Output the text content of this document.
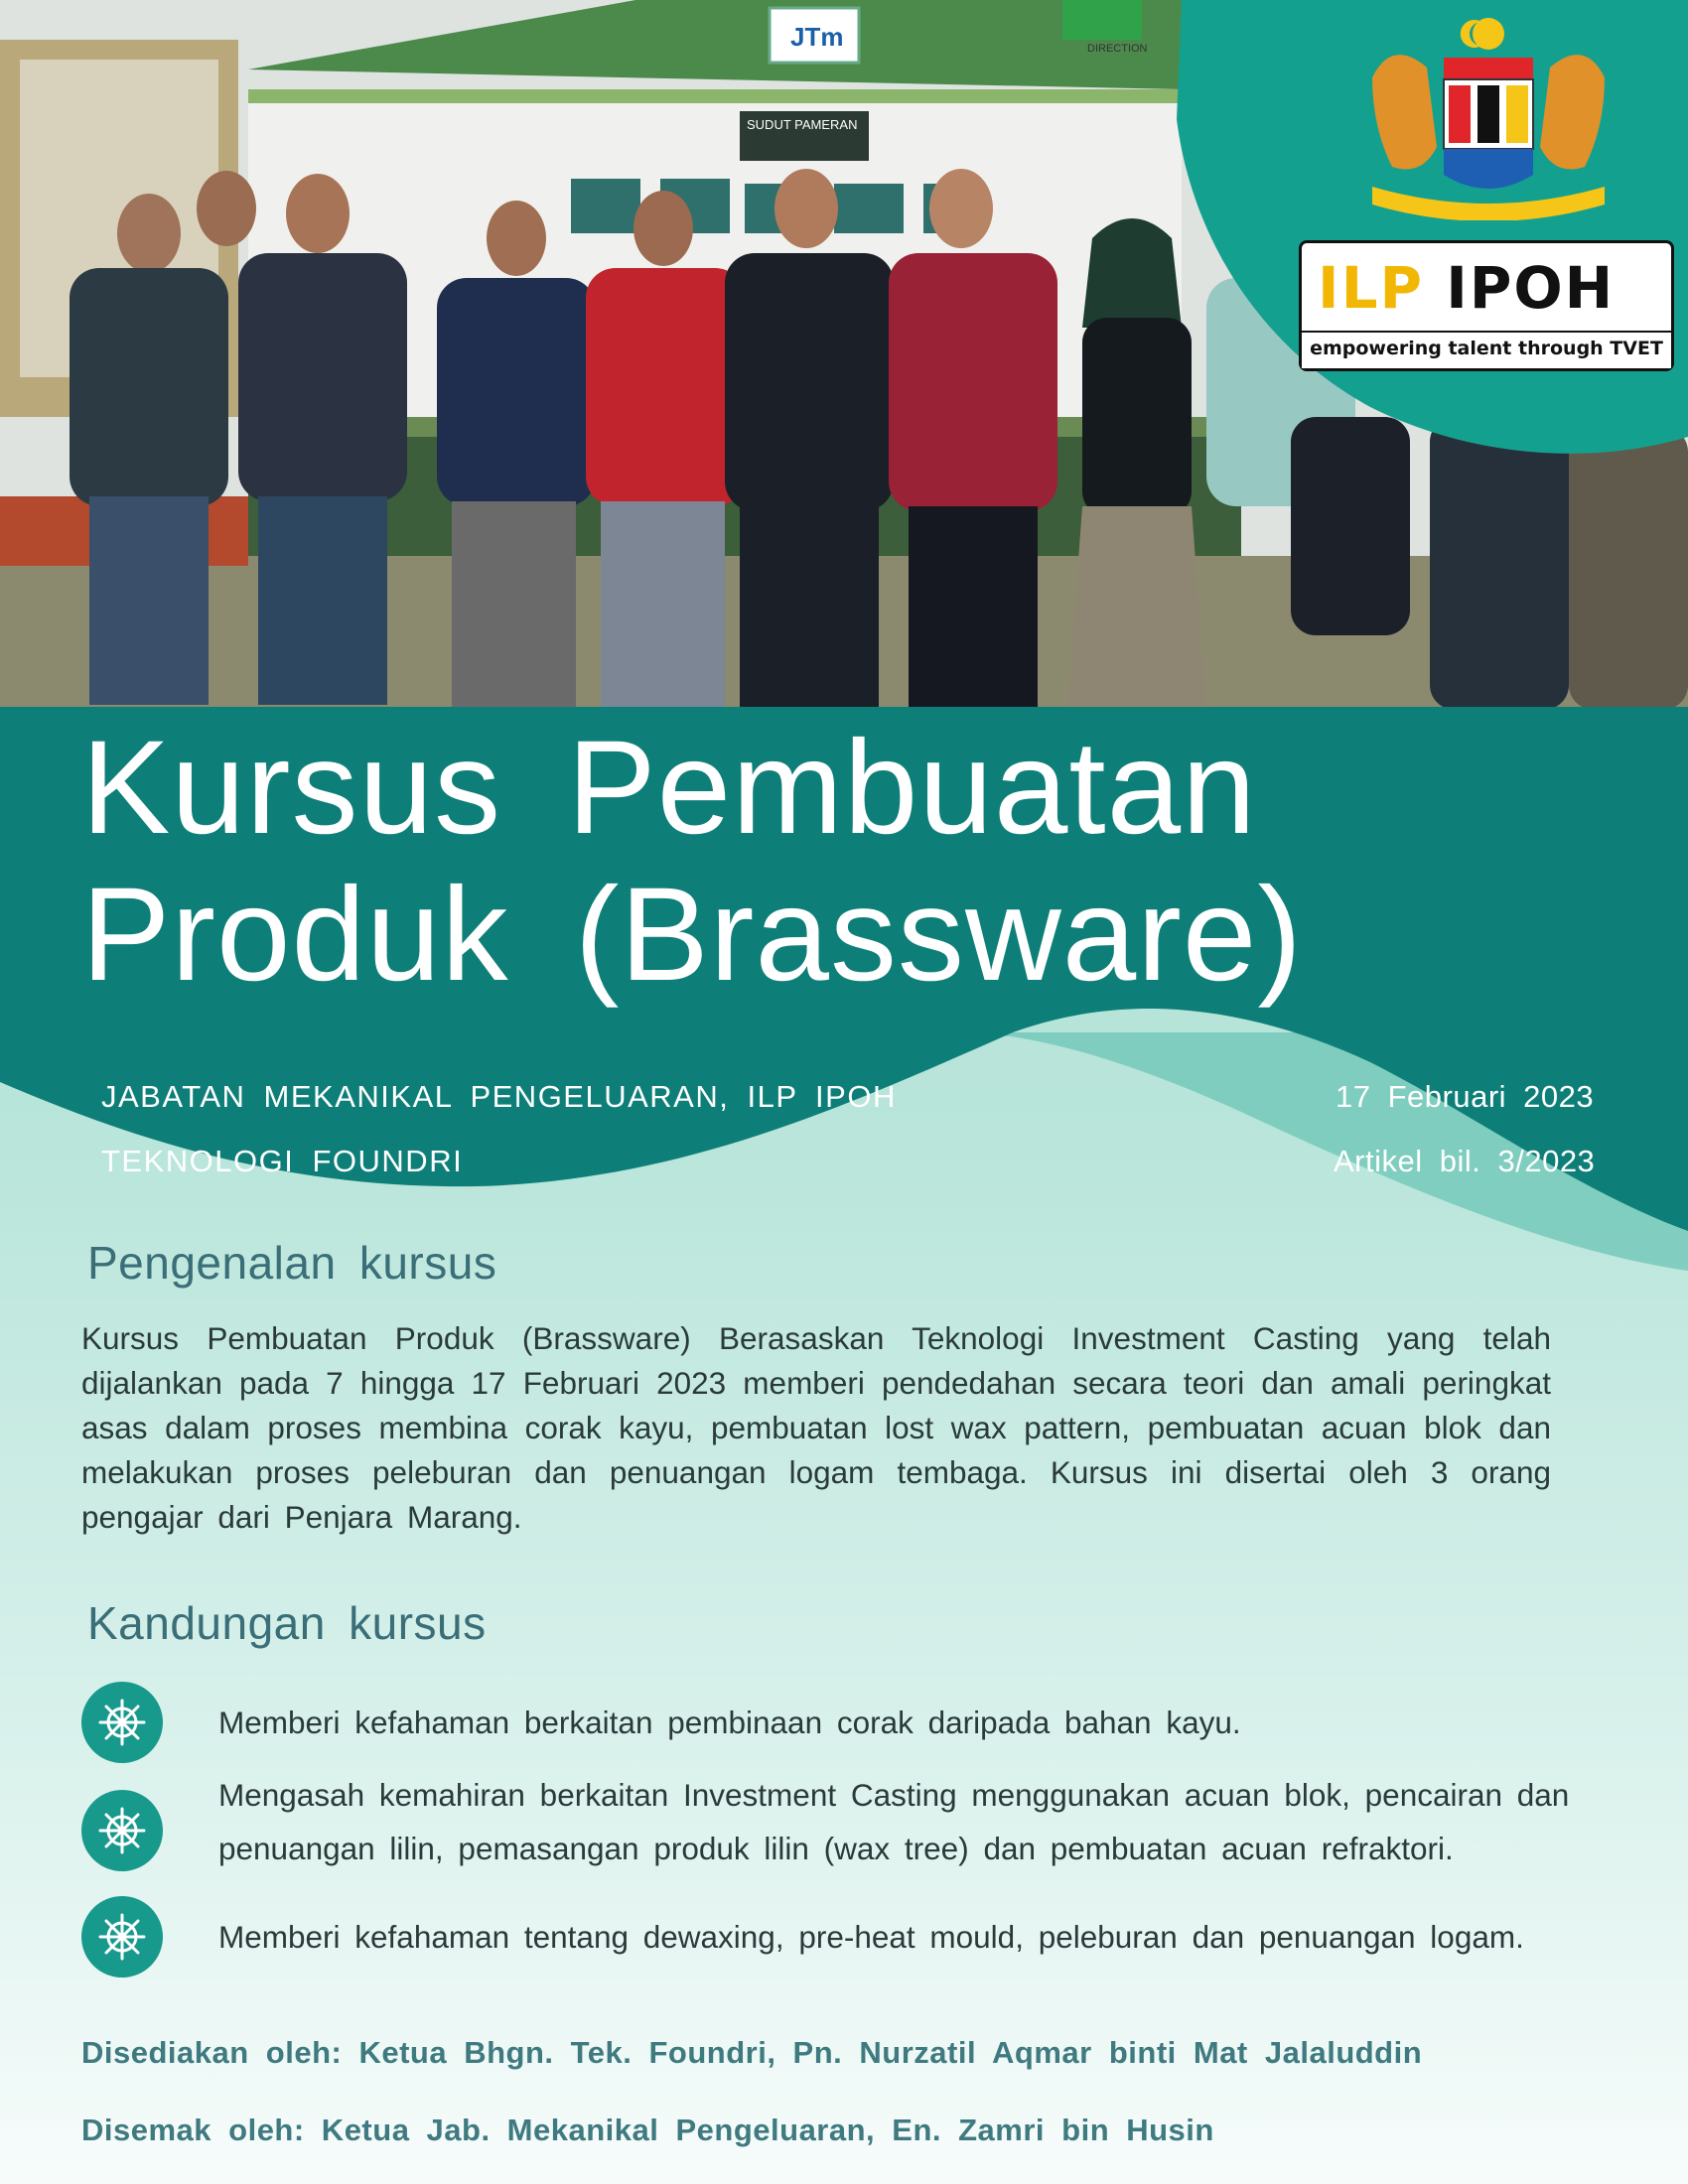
JTm
SUDUT PAMERAN
DIRECTION
ILP IPOH
empowering talent through TVET
Kursus Pembuatan
Produk (Brassware)
JABATAN MEKANIKAL PENGELUARAN, ILP IPOH
TEKNOLOGI FOUNDRI
17 Februari 2023
Artikel bil. 3/2023
Pengenalan kursus

Kursus Pembuatan Produk (Brassware) Berasaskan Teknologi Investment Casting yang telah dijalankan pada 7 hingga 17 Februari 2023 memberi pendedahan secara teori dan amali peringkat asas dalam proses membina corak kayu, pembuatan lost wax pattern, pembuatan acuan blok dan melakukan proses peleburan dan penuangan logam tembaga. Kursus ini disertai oleh 3 orang pengajar dari Penjara Marang.

Kandungan kursus

Memberi kefahaman berkaitan pembinaan corak daripada bahan kayu.

Mengasah kemahiran berkaitan Investment Casting menggunakan acuan blok, pencairan dan penuangan lilin, pemasangan produk lilin (wax tree) dan pembuatan acuan refraktori.

Memberi kefahaman tentang dewaxing, pre-heat mould, peleburan dan penuangan logam.

Disediakan oleh: Ketua Bhgn. Tek. Foundri, Pn. Nurzatil Aqmar binti Mat Jalaluddin

Disemak oleh: Ketua Jab. Mekanikal Pengeluaran, En. Zamri bin Husin
